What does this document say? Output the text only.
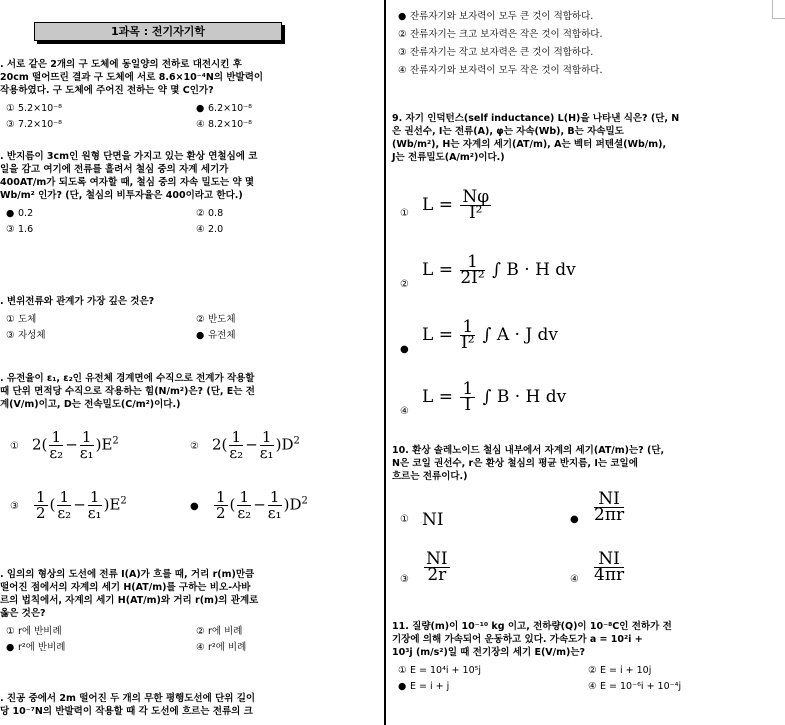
1과목 : 전기자기학
. 서로 같은 2개의 구 도체에 동일양의 전하로 대전시킨 후
20cm 떨어뜨린 결과 구 도체에 서로 8.6×10⁻⁴N의 반발력이
작용하였다. 구 도체에 주어진 전하는 약 몇 C인가?
① 5.2×10⁻⁸	● 6.2×10⁻⁸
③ 7.2×10⁻⁸	④ 8.2×10⁻⁸
. 반지름이 3cm인 원형 단면을 가지고 있는 환상 연철심에 코
일을 감고 여기에 전류를 흘려서 철심 중의 자계 세기가
400AT/m가 되도록 여자할 때, 철심 중의 자속 밀도는 약 몇
Wb/m² 인가? (단, 철심의 비투자율은 400이라고 한다.)
● 0.2	② 0.8
③ 1.6	④ 2.0
. 변위전류와 관계가 가장 깊은 것은?
① 도체	② 반도체
③ 자성체	● 유전체
. 유전율이 ε₁, ε₂인 유전체 경계면에 수직으로 전계가 작용할
때 단위 면적당 수직으로 작용하는 힘(N/m²)은? (단, E는 전
계(V/m)이고, D는 전속밀도(C/m²)이다.)
① $2( \frac{1}{\text{ε₂}} - \frac{1}{\text{ε₁}} )E^2$	② $2( \frac{1}{\text{ε₂}} - \frac{1}{\text{ε₁}} )D^2$
③ $\frac{1}{2}$ ( $\frac{1}{\text{ε₂}} - \frac{1}{\text{ε₁}} )E^2$	● $\frac{1}{2}$ ( $\frac{1}{\text{ε₂}} - \frac{1}{\text{ε₁}} )D^2$
. 임의의 형상의 도선에 전류 I(A)가 흐를 때, 거리 r(m)만큼
떨어진 점에서의 자계의 세기 H(AT/m)를 구하는 비오-사바
르의 법칙에서, 자계의 세기 H(AT/m)와 거리 r(m)의 관계로
옳은 것은?
① r에 반비례	② r에 비례
● r²에 반비례	④ r²에 비례
. 진공 중에서 2m 떨어진 두 개의 무한 평행도선에 단위 길이
당 10⁻⁷N의 반발력이 작용할 때 각 도선에 흐르는 전류의 크
● 잔류자기와 보자력이 모두 큰 것이 적합하다.
② 잔류자기는 크고 보자력은 작은 것이 적합하다.
③ 잔류자기는 작고 보자력은 큰 것이 적합하다.
④ 잔류자기와 보자력이 모두 작은 것이 적합하다.
9. 자기 인덕턴스(self inductance) L(H)을 나타낸 식은? (단, N
은 권선수, I는 전류(A), φ는 자속(Wb), B는 자속밀도
(Wb/m²), H는 자계의 세기(AT/m), A는 벡터 퍼텐셜(Wb/m),
J는 전류밀도(A/m²)이다.)
① $L = \frac{N\varphi}{\text{I²}}$
②
$L = \frac{1}{\text{2I²}}$ ∫ B · H dv
●
$L = \frac{1}{\text{I²}}$ ∫ A · J dv
④
$L = \frac{1}{I}$ ∫ B · H dv
10. 환상 솔레노이드 철심 내부에서 자계의 세기(AT/m)는? (단,
N은 코일 권선수, r은 환상 철심의 평균 반지름, I는 코일에
흐르는 전류이다.)
① NI	● $\frac{NI}{2\pi r}$
③ $\frac{NI}{2r}$	④ $\frac{NI}{4\pi r}$
11. 질량(m)이 10⁻¹⁰ kg 이고, 전하량(Q)이 10⁻⁸C인 전하가 전
기장에 의해 가속되어 운동하고 있다. 가속도가 a = 10²i +
10³j (m/s²)일 때 전기장의 세기 E(V/m)는?
① E = 10⁴i + 10⁵j	② E = i + 10j
● E = i + j	④ E = 10⁻⁶i + 10⁻⁴j
